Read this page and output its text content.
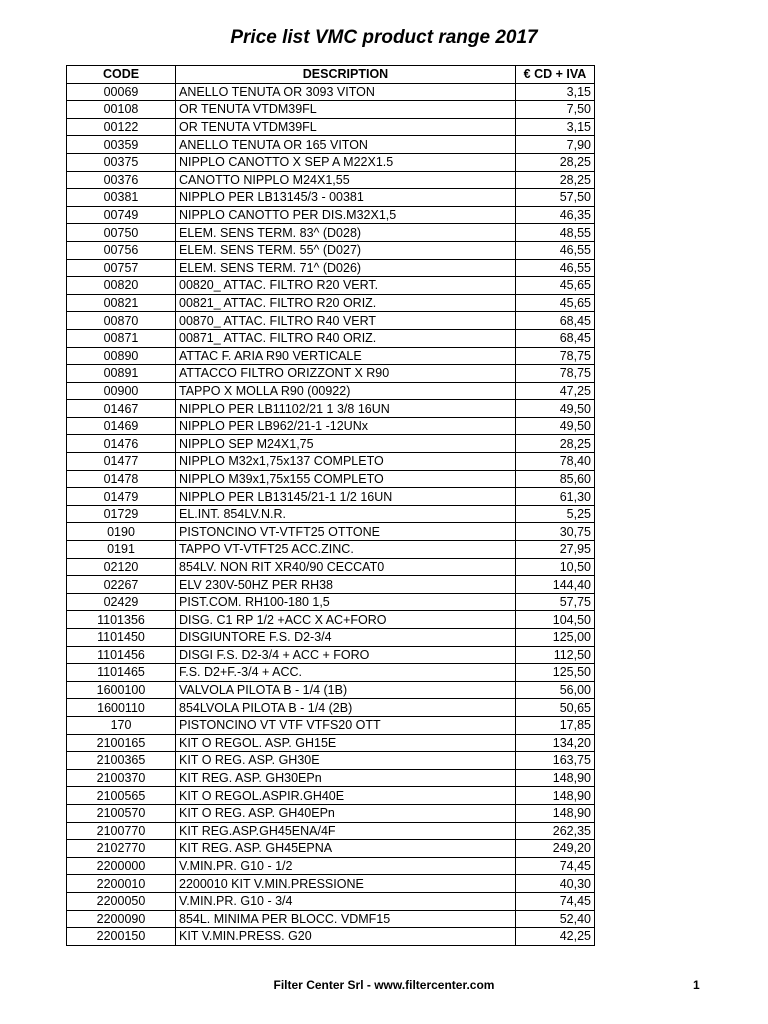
Price list VMC product range 2017
CODE	DESCRIPTION	€ CD + IVA
00069	ANELLO TENUTA OR 3093 VITON	3,15
00108	OR TENUTA VTDM39FL	7,50
00122	OR TENUTA VTDM39FL	3,15
00359	ANELLO TENUTA OR 165 VITON	7,90
00375	NIPPLO CANOTTO X SEP A M22X1.5	28,25
00376	CANOTTO NIPPLO M24X1,55	28,25
00381	NIPPLO PER LB13145/3 - 00381	57,50
00749	NIPPLO CANOTTO PER DIS.M32X1,5	46,35
00750	ELEM. SENS TERM. 83^ (D028)	48,55
00756	ELEM. SENS TERM. 55^ (D027)	46,55
00757	ELEM. SENS TERM. 71^ (D026)	46,55
00820	00820_ ATTAC. FILTRO R20 VERT.	45,65
00821	00821_ ATTAC. FILTRO R20 ORIZ.	45,65
00870	00870_ ATTAC. FILTRO R40 VERT	68,45
00871	00871_ ATTAC. FILTRO R40 ORIZ.	68,45
00890	ATTAC F. ARIA R90 VERTICALE	78,75
00891	ATTACCO FILTRO ORIZZONT X R90	78,75
00900	TAPPO X MOLLA R90 (00922)	47,25
01467	NIPPLO PER LB11102/21 1 3/8 16UN	49,50
01469	NIPPLO PER LB962/21-1 -12UNx	49,50
01476	NIPPLO SEP M24X1,75	28,25
01477	NIPPLO M32x1,75x137 COMPLETO	78,40
01478	NIPPLO M39x1,75x155 COMPLETO	85,60
01479	NIPPLO PER LB13145/21-1 1/2 16UN	61,30
01729	EL.INT. 854LV.N.R.	5,25
0190	PISTONCINO VT-VTFT25 OTTONE	30,75
0191	TAPPO VT-VTFT25 ACC.ZINC.	27,95
02120	854LV. NON RIT XR40/90 CECCAT0	10,50
02267	ELV 230V-50HZ PER RH38	144,40
02429	PIST.COM. RH100-180 1,5	57,75
1101356	DISG. C1 RP 1/2 +ACC X AC+FORO	104,50
1101450	DISGIUNTORE F.S. D2-3/4	125,00
1101456	DISGI F.S. D2-3/4 + ACC + FORO	112,50
1101465	F.S. D2+F.-3/4 + ACC.	125,50
1600100	VALVOLA PILOTA B - 1/4 (1B)	56,00
1600110	854LVOLA PILOTA B - 1/4 (2B)	50,65
170	PISTONCINO VT VTF VTFS20 OTT	17,85
2100165	KIT O REGOL. ASP. GH15E	134,20
2100365	KIT O REG. ASP. GH30E	163,75
2100370	KIT REG. ASP. GH30EPn	148,90
2100565	KIT O REGOL.ASPIR.GH40E	148,90
2100570	KIT O REG. ASP. GH40EPn	148,90
2100770	KIT REG.ASP.GH45ENA/4F	262,35
2102770	KIT REG. ASP. GH45EPNA	249,20
2200000	V.MIN.PR. G10 - 1/2	74,45
2200010	2200010 KIT V.MIN.PRESSIONE	40,30
2200050	V.MIN.PR. G10 - 3/4	74,45
2200090	854L. MINIMA PER BLOCC. VDMF15	52,40
2200150	KIT V.MIN.PRESS. G20	42,25
Filter Center Srl - www.filtercenter.com	1
